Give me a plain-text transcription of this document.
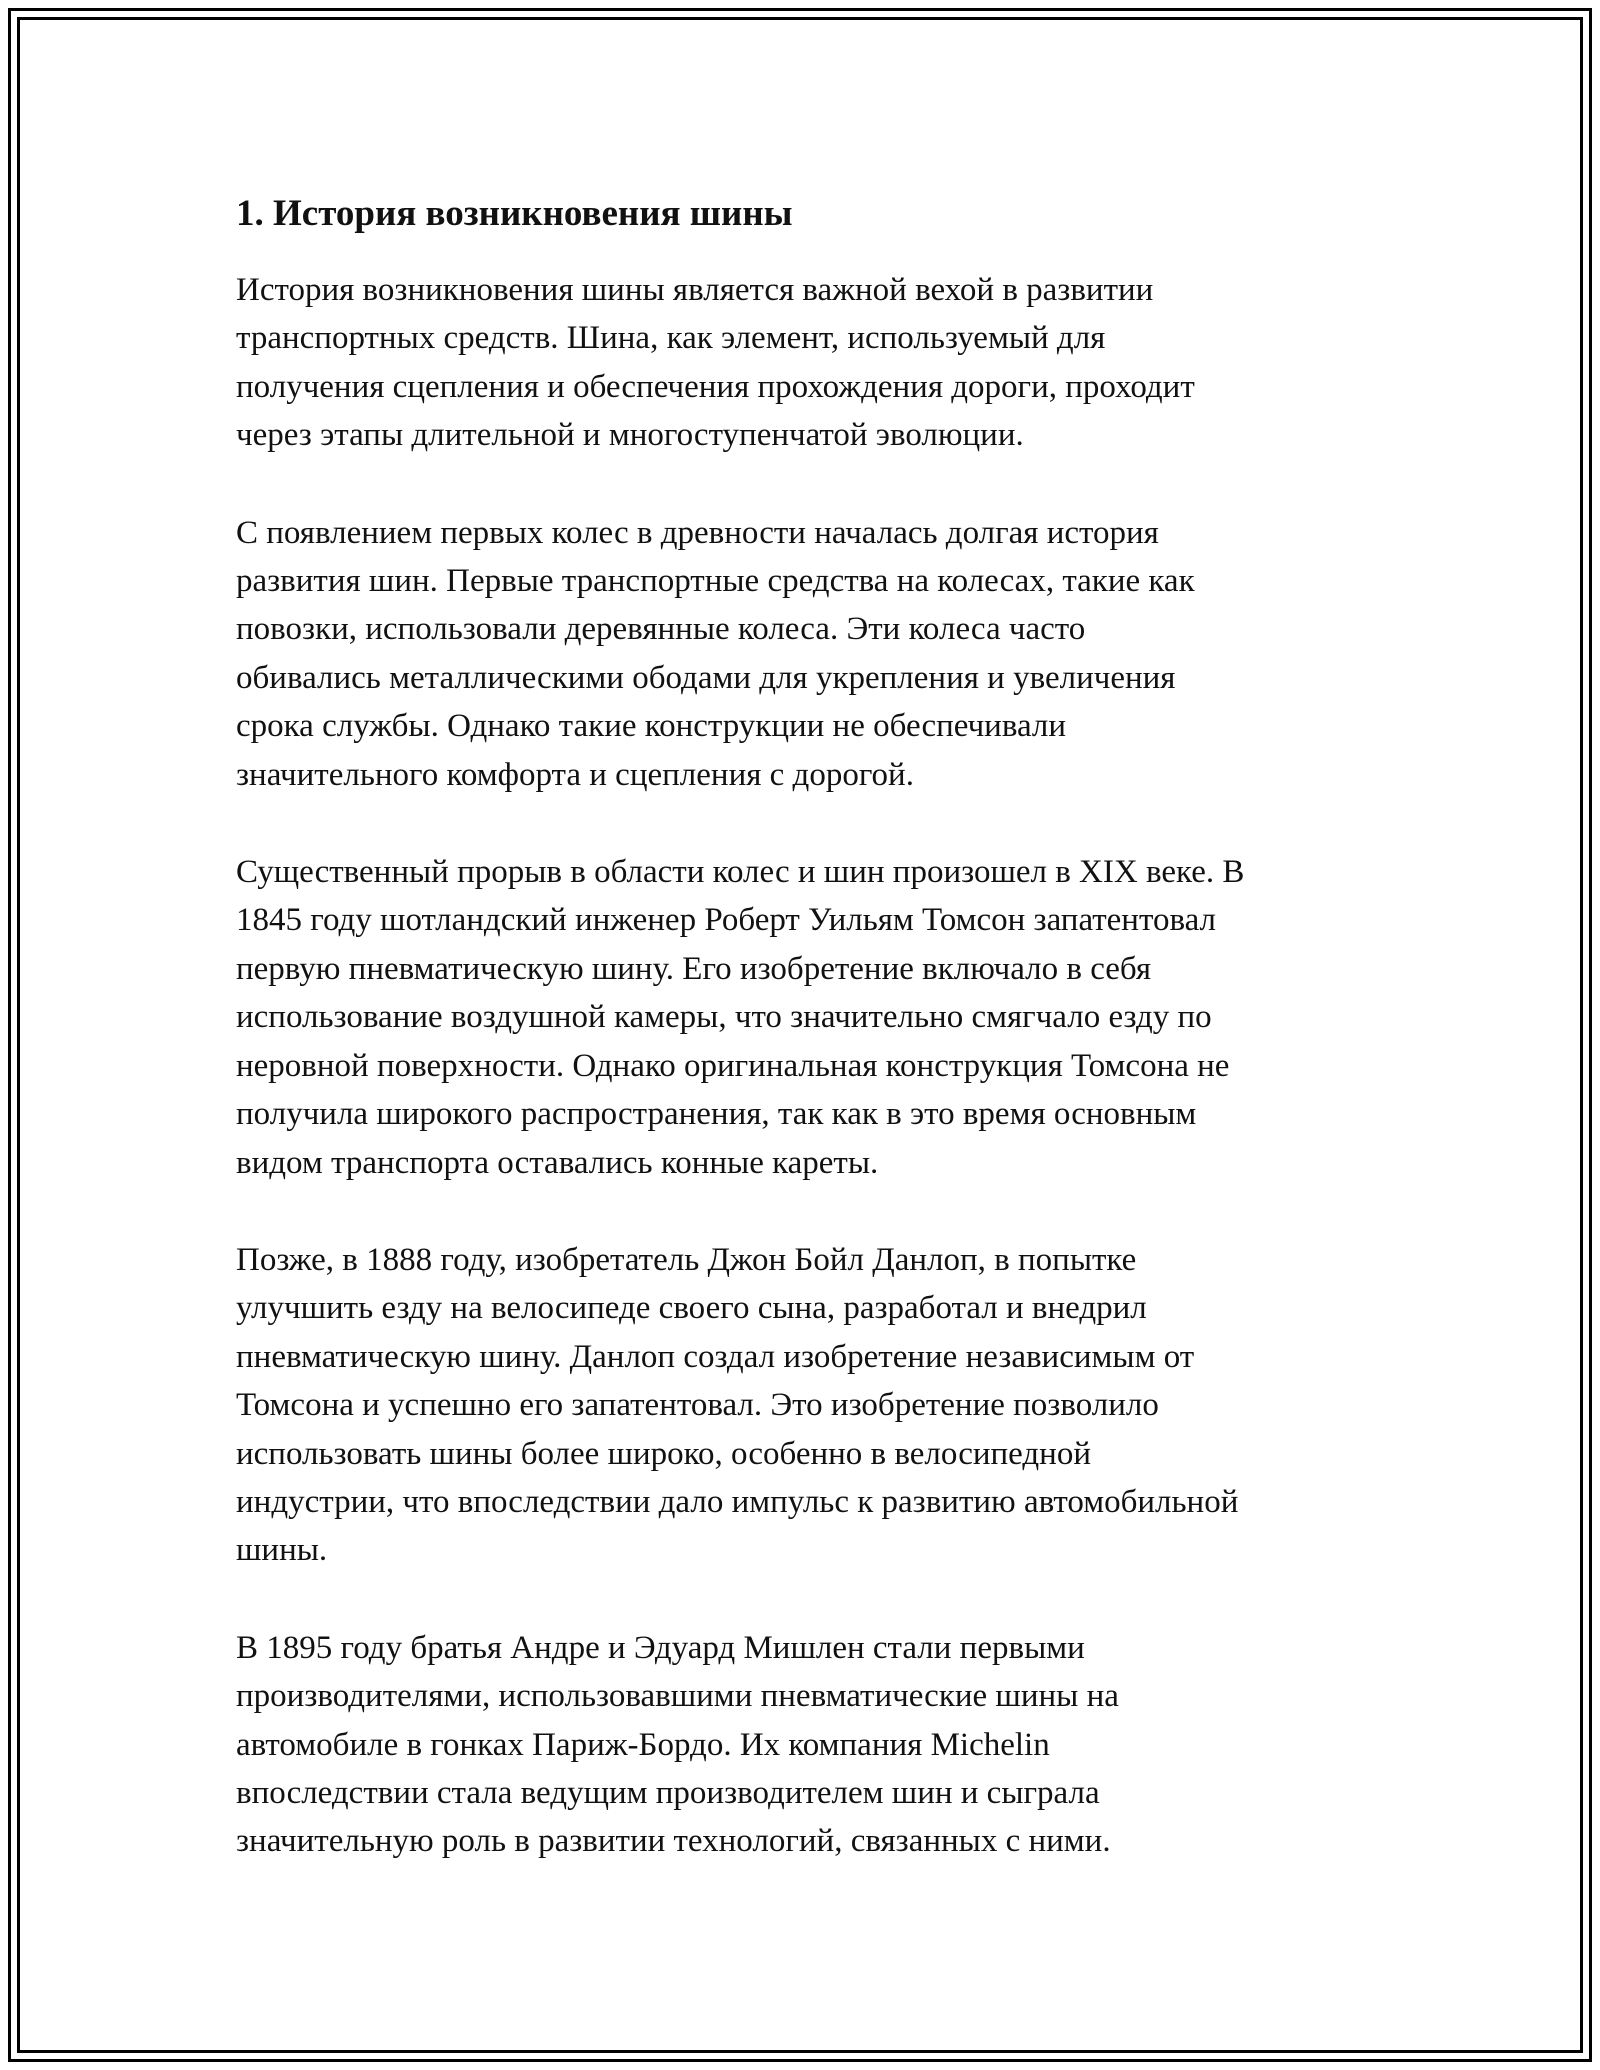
1. История возникновения шины

История возникновения шины является важной вехой в развитии
транспортных средств. Шина, как элемент, используемый для
получения сцепления и обеспечения прохождения дороги, проходит
через этапы длительной и многоступенчатой эволюции.

С появлением первых колес в древности началась долгая история
развития шин. Первые транспортные средства на колесах, такие как
повозки, использовали деревянные колеса. Эти колеса часто
обивались металлическими ободами для укрепления и увеличения
срока службы. Однако такие конструкции не обеспечивали
значительного комфорта и сцепления с дорогой.

Существенный прорыв в области колес и шин произошел в XIX веке. В
1845 году шотландский инженер Роберт Уильям Томсон запатентовал
первую пневматическую шину. Его изобретение включало в себя
использование воздушной камеры, что значительно смягчало езду по
неровной поверхности. Однако оригинальная конструкция Томсона не
получила широкого распространения, так как в это время основным
видом транспорта оставались конные кареты.

Позже, в 1888 году, изобретатель Джон Бойл Данлоп, в попытке
улучшить езду на велосипеде своего сына, разработал и внедрил
пневматическую шину. Данлоп создал изобретение независимым от
Томсона и успешно его запатентовал. Это изобретение позволило
использовать шины более широко, особенно в велосипедной
индустрии, что впоследствии дало импульс к развитию автомобильной
шины.

В 1895 году братья Андре и Эдуард Мишлен стали первыми
производителями, использовавшими пневматические шины на
автомобиле в гонках Париж-Бордо. Их компания Michelin
впоследствии стала ведущим производителем шин и сыграла
значительную роль в развитии технологий, связанных с ними.
